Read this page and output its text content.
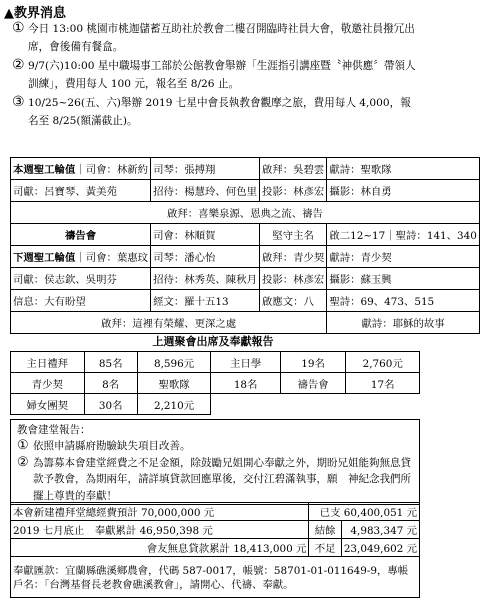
▲教界消息
① 今日 13:00 桃園市桃迦儲蓄互助社於教會二樓召開臨時社員大會，敬邀社員撥冗出席，會後備有餐盒。
② 9/7(六)10:00 星中職場事工部於公館教會舉辦「生涯指引講座暨〝神供應〞帶領人訓練」，費用每人 100 元，報名至 8/26 止。
③ 10/25~26(五、六)舉辦 2019 七星中會長執教會觀摩之旅，費用每人 4,000，報名至 8/25(額滿截止)。
本週聖工輪值｜司會：林新約	司琴：張搏翔	啟拜：吳碧雲	獻詩：聖歌隊
司獻：呂寶琴、黃美苑	招待：楊慧玲、何色里	投影：林彥宏	攝影：林自勇
啟拜：喜樂泉源、恩典之流、禱告			
禱告會	司會：林順賀	堅守主名	啟二12~17｜聖詩：141、340
下週聖工輪值｜司會：葉惠玟	司琴：潘心怡	啟拜：青少契	獻詩：青少契
司獻：侯志欽、吳明芬	招待：林秀英、陳秋月	投影：林彥宏	攝影：蘇玉興
信息：大有盼望	經文：羅十五13	啟應文：八	聖詩：69、473、515
啟拜：這裡有榮耀、更深之處			獻詩：耶穌的故事
上週聚會出席及奉獻報告
主日禮拜	85名	8,596元	主日學	19名	2,760元
青少契	8名	聖歌隊	18名	禱告會	17名
婦女團契	30名	2,210元			
教會建堂報告：
① 依照申請縣府勘驗缺失項目改善。
② 為籌募本會建堂經費之不足金額，除鼓勵兄姐開心奉獻之外，期盼兄姐能夠無息貸款予教會，為期兩年，請詳填貸款回應單後，交付江碧滿執事，願　神紀念我們所擺上尊貴的奉獻！
本會新建禮拜堂總經費預計 70,000,000 元	已支 60,400,051 元	
2019 七月底止　奉獻累計 46,950,398 元	結餘	4,983,347 元
會友無息貸款累計 18,413,000 元	不足	23,049,602 元
奉獻匯款：宜蘭縣礁溪鄉農會，代碼 587-0017，帳號：58701-01-011649-9，專帳戶名：「台灣基督長老教會礁溪教會」，請開心、代禱、奉獻。		
